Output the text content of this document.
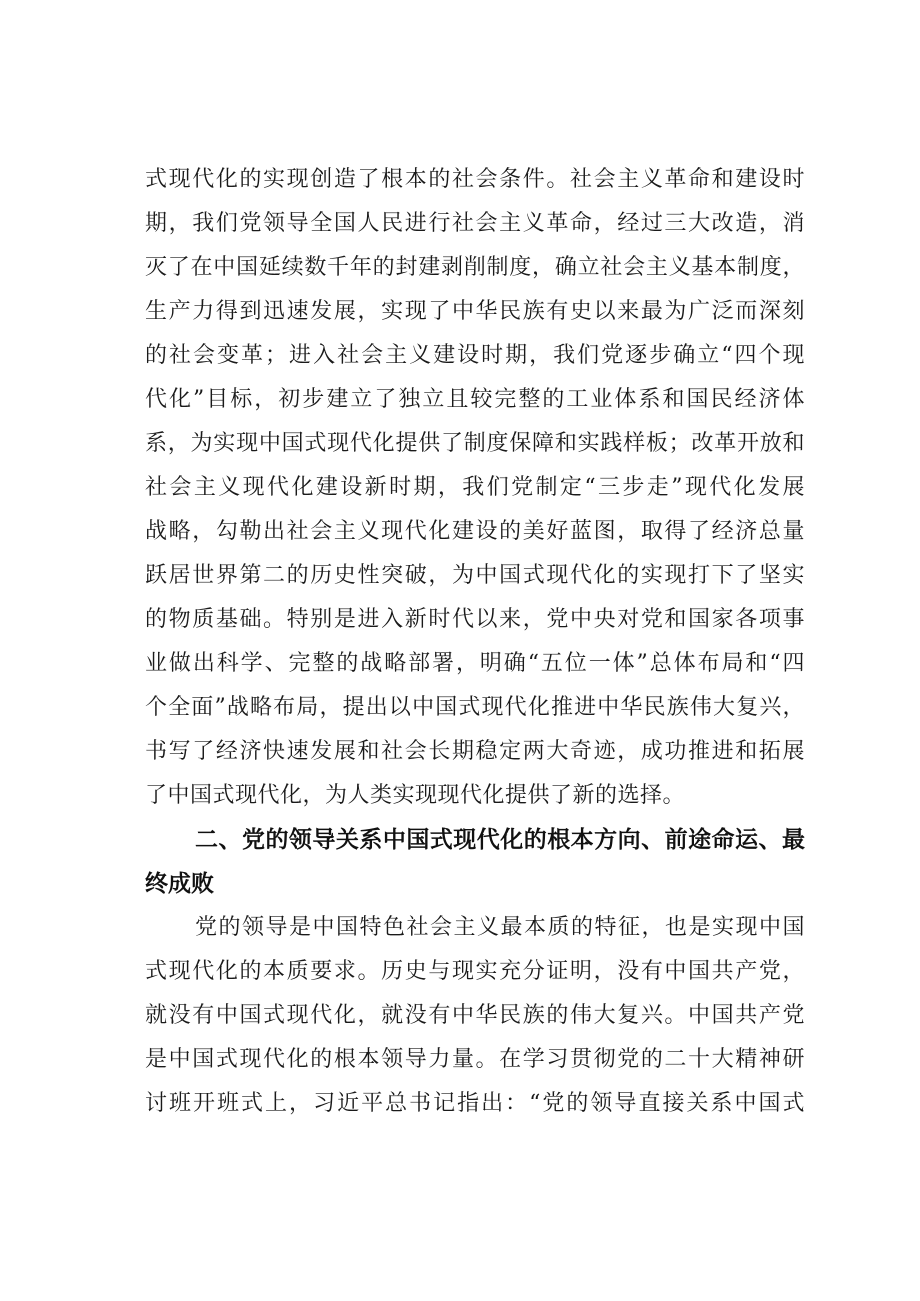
式现代化的实现创造了根本的社会条件。社会主义革命和建设时
期，我们党领导全国人民进行社会主义革命，经过三大改造，消
灭了在中国延续数千年的封建剥削制度，确立社会主义基本制度，
生产力得到迅速发展，实现了中华民族有史以来最为广泛而深刻
的社会变革；进入社会主义建设时期，我们党逐步确立“四个现
代化”目标，初步建立了独立且较完整的工业体系和国民经济体
系，为实现中国式现代化提供了制度保障和实践样板；改革开放和
社会主义现代化建设新时期，我们党制定“三步走”现代化发展
战略，勾勒出社会主义现代化建设的美好蓝图，取得了经济总量
跃居世界第二的历史性突破，为中国式现代化的实现打下了坚实
的物质基础。特别是进入新时代以来，党中央对党和国家各项事
业做出科学、完整的战略部署，明确“五位一体”总体布局和“四
个全面”战略布局，提出以中国式现代化推进中华民族伟大复兴，
书写了经济快速发展和社会长期稳定两大奇迹，成功推进和拓展
了中国式现代化，为人类实现现代化提供了新的选择。
二、党的领导关系中国式现代化的根本方向、前途命运、最
终成败
党的领导是中国特色社会主义最本质的特征，也是实现中国
式现代化的本质要求。历史与现实充分证明，没有中国共产党，
就没有中国式现代化，就没有中华民族的伟大复兴。中国共产党
是中国式现代化的根本领导力量。在学习贯彻党的二十大精神研
讨班开班式上，习近平总书记指出：“党的领导直接关系中国式
